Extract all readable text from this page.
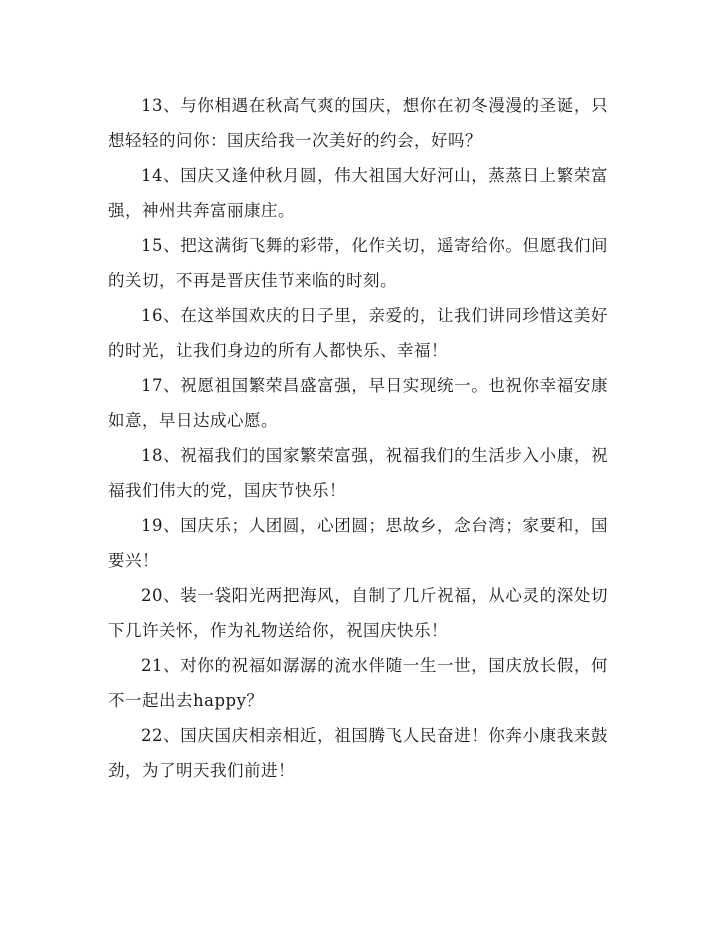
13、与你相遇在秋高气爽的国庆，想你在初冬漫漫的圣诞，只想轻轻的问你：国庆给我一次美好的约会，好吗？

14、国庆又逢仲秋月圆，伟大祖国大好河山，蒸蒸日上繁荣富强，神州共奔富丽康庄。

15、把这满街飞舞的彩带，化作关切，遥寄给你。但愿我们间的关切，不再是晋庆佳节来临的时刻。

16、在这举国欢庆的日子里，亲爱的，让我们讲同珍惜这美好的时光，让我们身边的所有人都快乐、幸福！

17、祝愿祖国繁荣昌盛富强，早日实现统一。也祝你幸福安康如意，早日达成心愿。

18、祝福我们的国家繁荣富强，祝福我们的生活步入小康，祝福我们伟大的党，国庆节快乐！

19、国庆乐；人团圆，心团圆；思故乡，念台湾；家要和，国要兴！

20、装一袋阳光两把海风，自制了几斤祝福，从心灵的深处切下几许关怀，作为礼物送给你，祝国庆快乐！

21、对你的祝福如潺潺的流水伴随一生一世，国庆放长假，何不一起出去happy？

22、国庆国庆相亲相近，祖国腾飞人民奋进！你奔小康我来鼓劲，为了明天我们前进！
